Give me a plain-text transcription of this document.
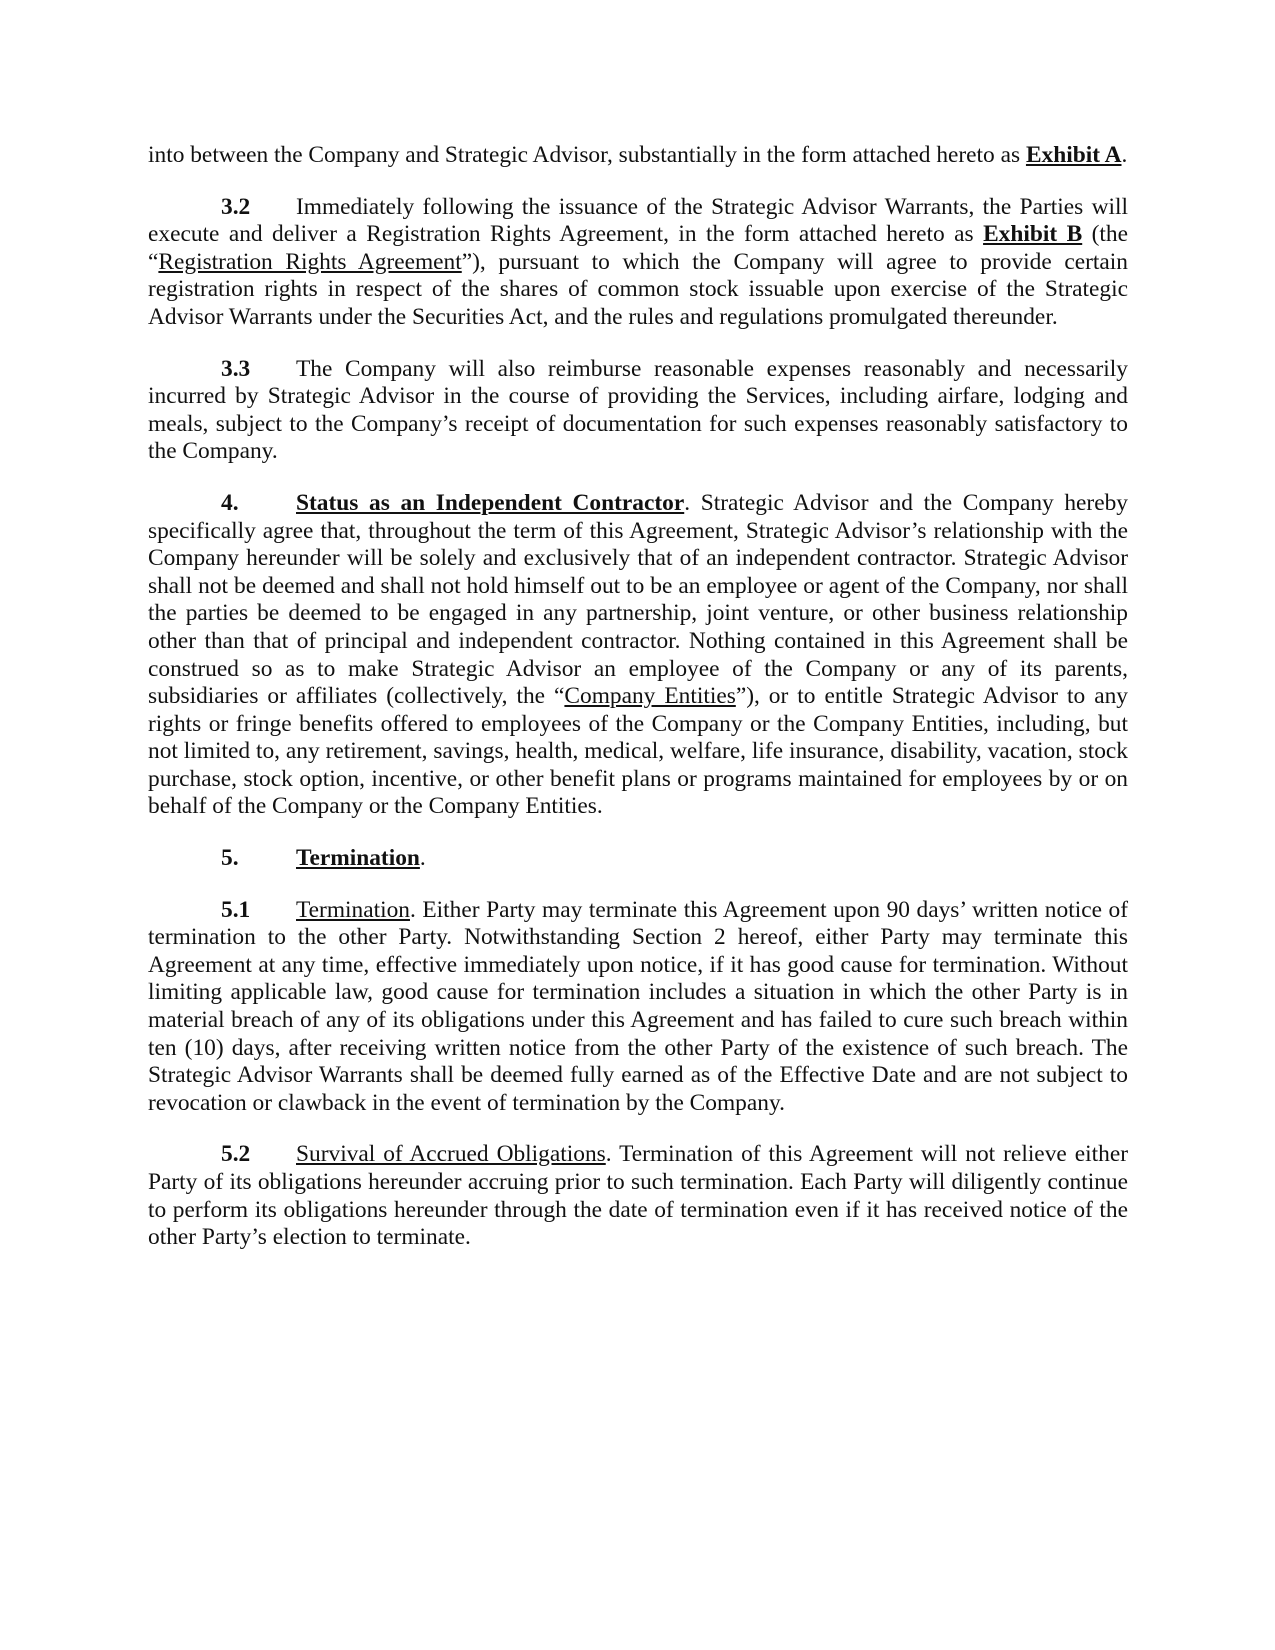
into between the Company and Strategic Advisor, substantially in the form attached hereto as Exhibit A.

3.2 Immediately following the issuance of the Strategic Advisor Warrants, the Parties will execute and deliver a Registration Rights Agreement, in the form attached hereto as Exhibit B (the “Registration Rights Agreement”), pursuant to which the Company will agree to provide certain registration rights in respect of the shares of common stock issuable upon exercise of the Strategic Advisor Warrants under the Securities Act, and the rules and regulations promulgated thereunder.

3.3 The Company will also reimburse reasonable expenses reasonably and necessarily incurred by Strategic Advisor in the course of providing the Services, including airfare, lodging and meals, subject to the Company’s receipt of documentation for such expenses reasonably satisfactory to the Company.

4. Status as an Independent Contractor. Strategic Advisor and the Company hereby specifically agree that, throughout the term of this Agreement, Strategic Advisor’s relationship with the Company hereunder will be solely and exclusively that of an independent contractor. Strategic Advisor shall not be deemed and shall not hold himself out to be an employee or agent of the Company, nor shall the parties be deemed to be engaged in any partnership, joint venture, or other business relationship other than that of principal and independent contractor. Nothing contained in this Agreement shall be construed so as to make Strategic Advisor an employee of the Company or any of its parents, subsidiaries or affiliates (collectively, the “Company Entities”), or to entitle Strategic Advisor to any rights or fringe benefits offered to employees of the Company or the Company Entities, including, but not limited to, any retirement, savings, health, medical, welfare, life insurance, disability, vacation, stock purchase, stock option, incentive, or other benefit plans or programs maintained for employees by or on behalf of the Company or the Company Entities.

5. Termination.

5.1 Termination. Either Party may terminate this Agreement upon 90 days’ written notice of termination to the other Party. Notwithstanding Section 2 hereof, either Party may terminate this Agreement at any time, effective immediately upon notice, if it has good cause for termination. Without limiting applicable law, good cause for termination includes a situation in which the other Party is in material breach of any of its obligations under this Agreement and has failed to cure such breach within ten (10) days, after receiving written notice from the other Party of the existence of such breach. The Strategic Advisor Warrants shall be deemed fully earned as of the Effective Date and are not subject to revocation or clawback in the event of termination by the Company.

5.2 Survival of Accrued Obligations. Termination of this Agreement will not relieve either Party of its obligations hereunder accruing prior to such termination. Each Party will diligently continue to perform its obligations hereunder through the date of termination even if it has received notice of the other Party’s election to terminate.
